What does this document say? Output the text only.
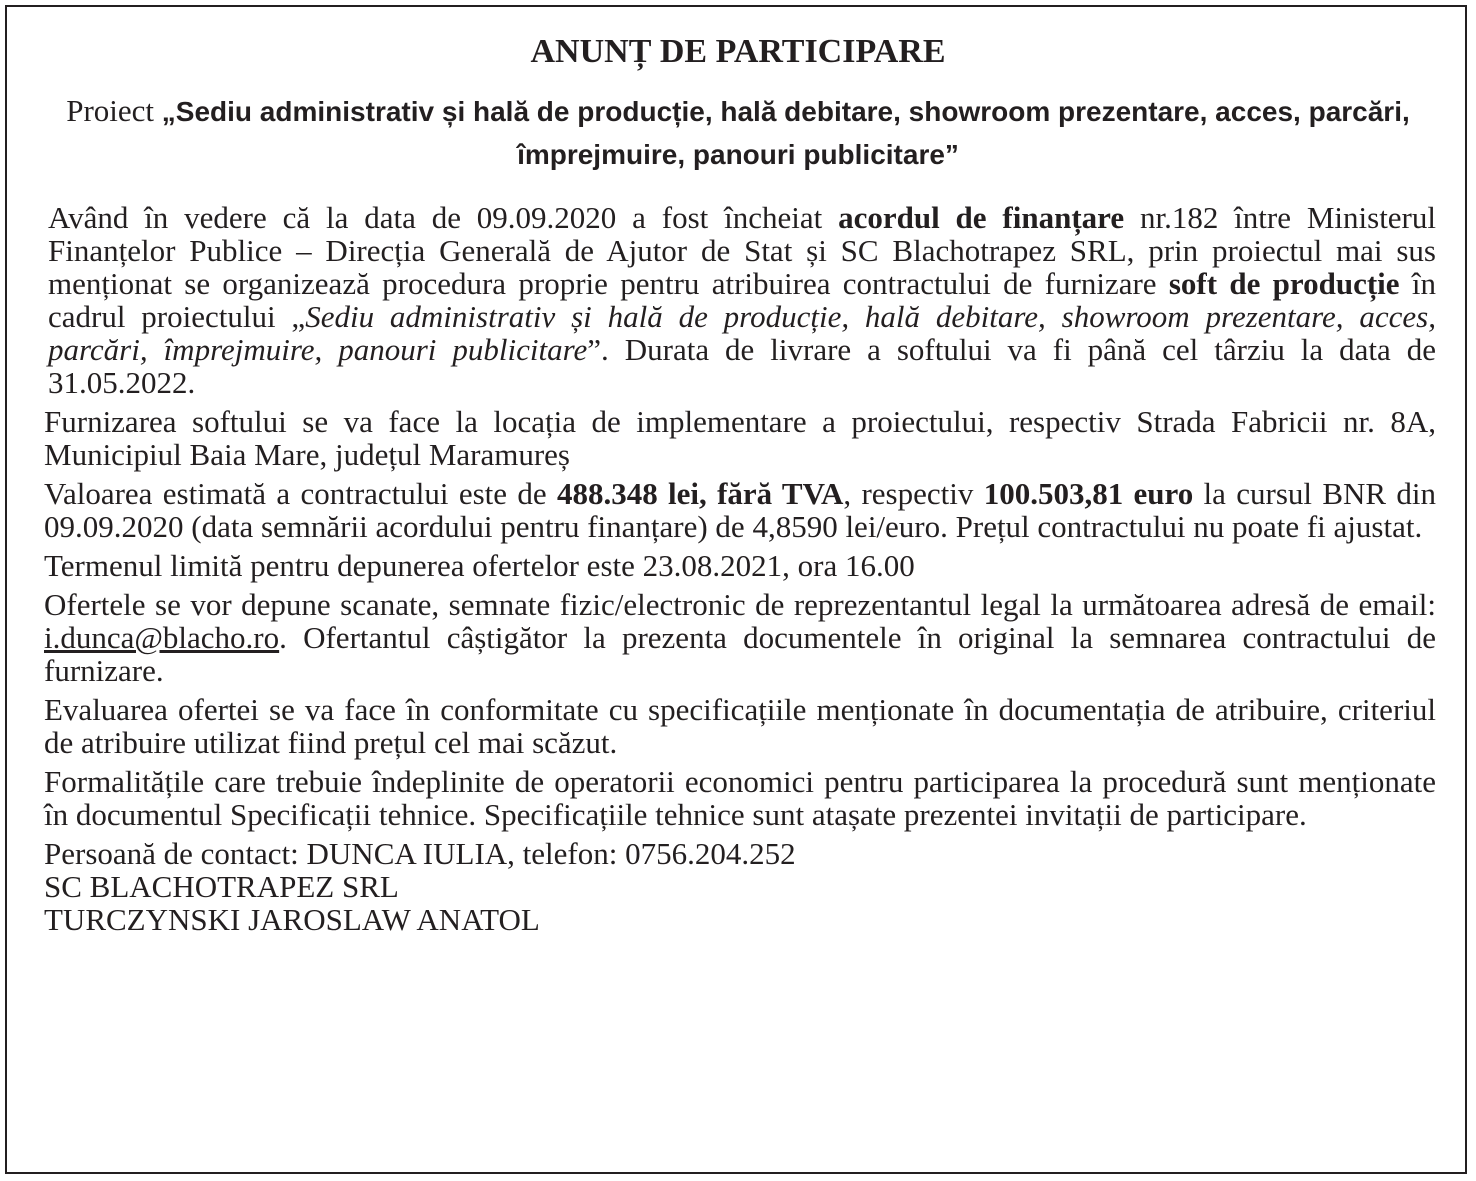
ANUNȚ DE PARTICIPARE
Proiect „Sediu administrativ și hală de producție, hală debitare, showroom prezentare, acces, parcări, împrejmuire, panouri publicitare”

Având în vedere că la data de 09.09.2020 a fost încheiat acordul de finanțare nr.182 între Ministerul Finanțelor Publice – Direcția Generală de Ajutor de Stat și SC Blachotrapez SRL, prin proiectul mai sus menționat se organizează procedura proprie pentru atribuirea contractului de furnizare soft de producție în cadrul proiectului „Sediu administrativ și hală de producție, hală debitare, showroom prezentare, acces, parcări, împrejmuire, panouri publicitare”. Durata de livrare a softului va fi până cel târziu la data de 31.05.2022.

Furnizarea softului se va face la locația de implementare a proiectului, respectiv Strada Fabricii nr. 8A, Municipiul Baia Mare, județul Maramureș

Valoarea estimată a contractului este de 488.348 lei, fără TVA, respectiv 100.503,81 euro la cursul BNR din 09.09.2020 (data semnării acordului pentru finanțare) de 4,8590 lei/euro. Prețul contractului nu poate fi ajustat.

Termenul limită pentru depunerea ofertelor este 23.08.2021, ora 16.00

Ofertele se vor depune scanate, semnate fizic/electronic de reprezentantul legal la următoarea adresă de email: i.dunca@blacho.ro. Ofertantul câștigător la prezenta documentele în original la semnarea contractului de furnizare.

Evaluarea ofertei se va face în conformitate cu specificațiile menționate în documentația de atribuire, criteriul de atribuire utilizat fiind prețul cel mai scăzut.

Formalitățile care trebuie îndeplinite de operatorii economici pentru participarea la procedură sunt menționate în documentul Specificații tehnice. Specificațiile tehnice sunt atașate prezentei invitații de participare.

Persoană de contact: DUNCA IULIA, telefon: 0756.204.252

SC BLACHOTRAPEZ SRL

TURCZYNSKI JAROSLAW ANATOL
